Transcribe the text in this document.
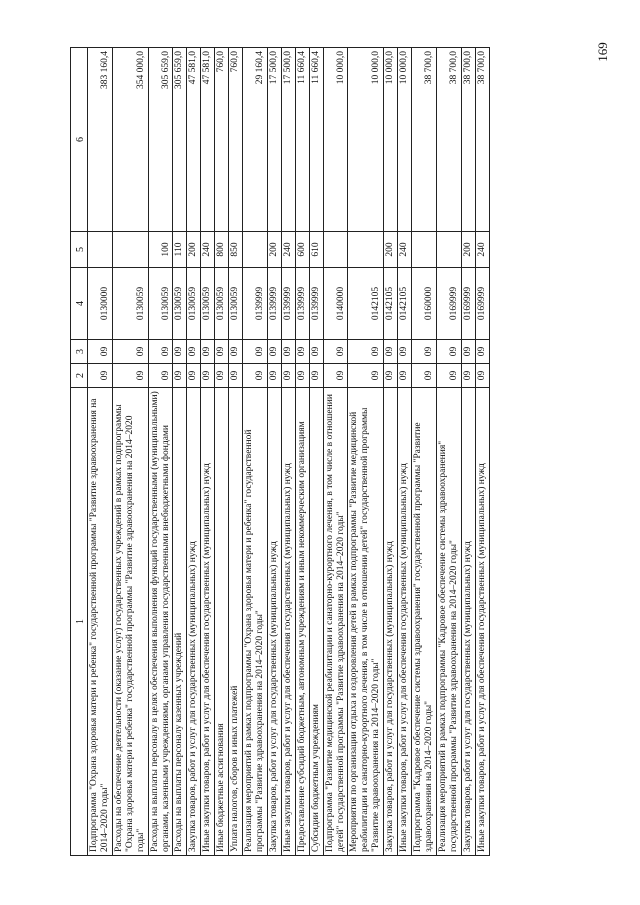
169
1	2	3	4	5	6
Подпрограмма "Охрана здоровья матери и ребенка" государственной программы "Развитие здравоохранения на 2014–2020 годы"	09	09	0130000		383 160,4
Расходы на обеспечение деятельности (оказание услуг) государственных учреждений в рамках подпрограммы "Охрана здоровья матери и ребенка" государственной программы "Развитие здравоохранения на 2014–2020 годы"	09	09	0130059		354 000,0
Расходы на выплаты персоналу в целях обеспечения выполнения функций государственными (муниципальными) органами, казенными учреждениями, органами управления государственными внебюджетными фондами	09	09	0130059	100	305 659,0
Расходы на выплаты персоналу казенных учреждений	09	09	0130059	110	305 659,0
Закупка товаров, работ и услуг для государственных (муниципальных) нужд	09	09	0130059	200	47 581,0
Иные закупки товаров, работ и услуг для обеспечения государственных (муниципальных) нужд	09	09	0130059	240	47 581,0
Иные бюджетные ассигнования	09	09	0130059	800	760,0
Уплата налогов, сборов и иных платежей	09	09	0130059	850	760,0
Реализация мероприятий в рамках подпрограммы "Охрана здоровья матери и ребенка" государственной программы "Развитие здравоохранения на 2014–2020 годы"	09	09	0139999		29 160,4
Закупка товаров, работ и услуг для государственных (муниципальных) нужд	09	09	0139999	200	17 500,0
Иные закупки товаров, работ и услуг для обеспечения государственных (муниципальных) нужд	09	09	0139999	240	17 500,0
Предоставление субсидий бюджетным, автономным учреждениям и иным некоммерческим организациям	09	09	0139999	600	11 660,4
Субсидии бюджетным учреждениям	09	09	0139999	610	11 660,4
Подпрограмма "Развитие медицинской реабилитации и санаторно-курортного лечения, в том числе в отношении детей" государственной программы "Развитие здравоохранения на 2014–2020 годы"	09	09	0140000		10 000,0
Мероприятия по организации отдыха и оздоровления детей в рамках подпрограммы "Развитие медицинской реабилитации и санаторно-курортного лечения, в том числе в отношении детей" государственной программы "Развитие здравоохранения на 2014–2020 годы"	09	09	0142105		10 000,0
Закупка товаров, работ и услуг для государственных (муниципальных) нужд	09	09	0142105	200	10 000,0
Иные закупки товаров, работ и услуг для обеспечения государственных (муниципальных) нужд	09	09	0142105	240	10 000,0
Подпрограмма "Кадровое обеспечение системы здравоохранения" государственной программы "Развитие здравоохранения на 2014–2020 годы"	09	09	0160000		38 700,0
Реализация мероприятий в рамках подпрограммы "Кадровое обеспечение системы здравоохранения" государственной программы "Развитие здравоохранения на 2014–2020 годы"	09	09	0169999		38 700,0
Закупка товаров, работ и услуг для государственных (муниципальных) нужд	09	09	0169999	200	38 700,0
Иные закупки товаров, работ и услуг для обеспечения государственных (муниципальных) нужд	09	09	0169999	240	38 700,0
